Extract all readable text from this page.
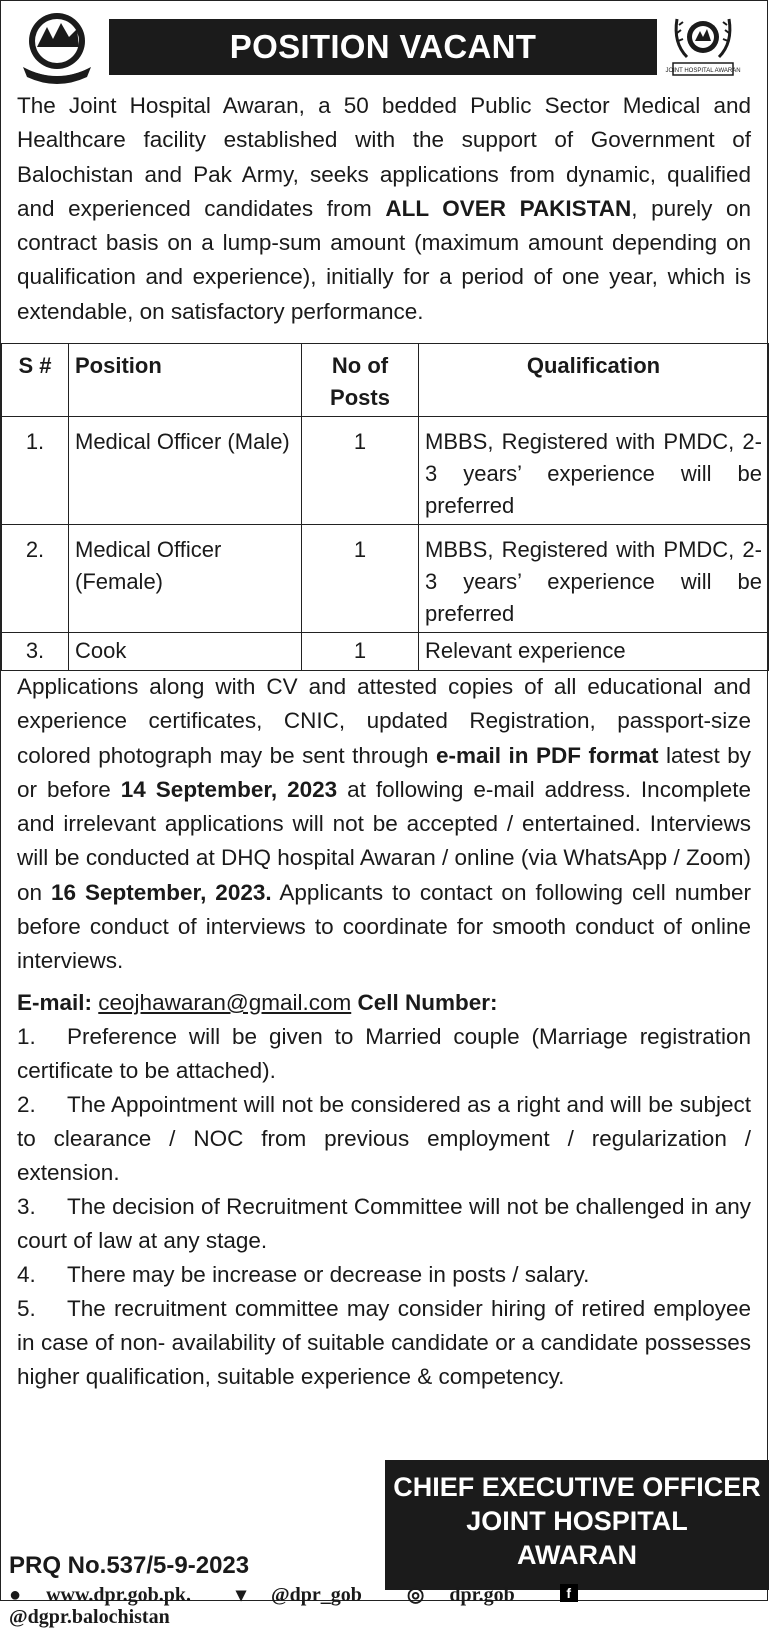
POSITION VACANT
JOINT HOSPITAL AWARAN
The Joint Hospital Awaran, a 50 bedded Public Sector Medical and Healthcare facility established with the support of Government of Balochistan and Pak Army, seeks applications from dynamic, qualified and experienced candidates from ALL OVER PAKISTAN, purely on contract basis on a lump-sum amount (maximum amount depending on qualification and experience), initially for a period of one year, which is extendable, on satisfactory performance.
S #	Position	No of Posts	Qualification
1.	Medical Officer (Male)	1	MBBS, Registered with PMDC, 2-3 years’ experience will be preferred
2.	Medical Officer (Female)	1	MBBS, Registered with PMDC, 2-3 years’ experience will be preferred
3.	Cook	1	Relevant experience
Applications along with CV and attested copies of all educational and experience certificates, CNIC, updated Registration, passport-size colored photograph may be sent through e-mail in PDF format latest by or before 14 September, 2023 at following e-mail address. Incomplete and irrelevant applications will not be accepted / entertained. Interviews will be conducted at DHQ hospital Awaran / online (via WhatsApp / Zoom) on 16 September, 2023. Applicants to contact on following cell number before conduct of interviews to coordinate for smooth conduct of online interviews.
E-mail: ceojhawaran@gmail.com Cell Number:
1. Preference will be given to Married couple (Marriage registration certificate to be attached).
2. The Appointment will not be considered as a right and will be subject to clearance / NOC from previous employment / regularization / extension.
3. The decision of Recruitment Committee will not be challenged in any court of law at any stage.
4. There may be increase or decrease in posts / salary.
5. The recruitment committee may consider hiring of retired employee in case of non- availability of suitable candidate or a candidate possesses higher qualification, suitable experience & competency.
CHIEF EXECUTIVE OFFICER
JOINT HOSPITAL
AWARAN
PRQ No.537/5-9-2023
● www.dpr.gob.pk. ▾ @dpr_gob ◎ dpr.gob	f @dgpr.balochistan
